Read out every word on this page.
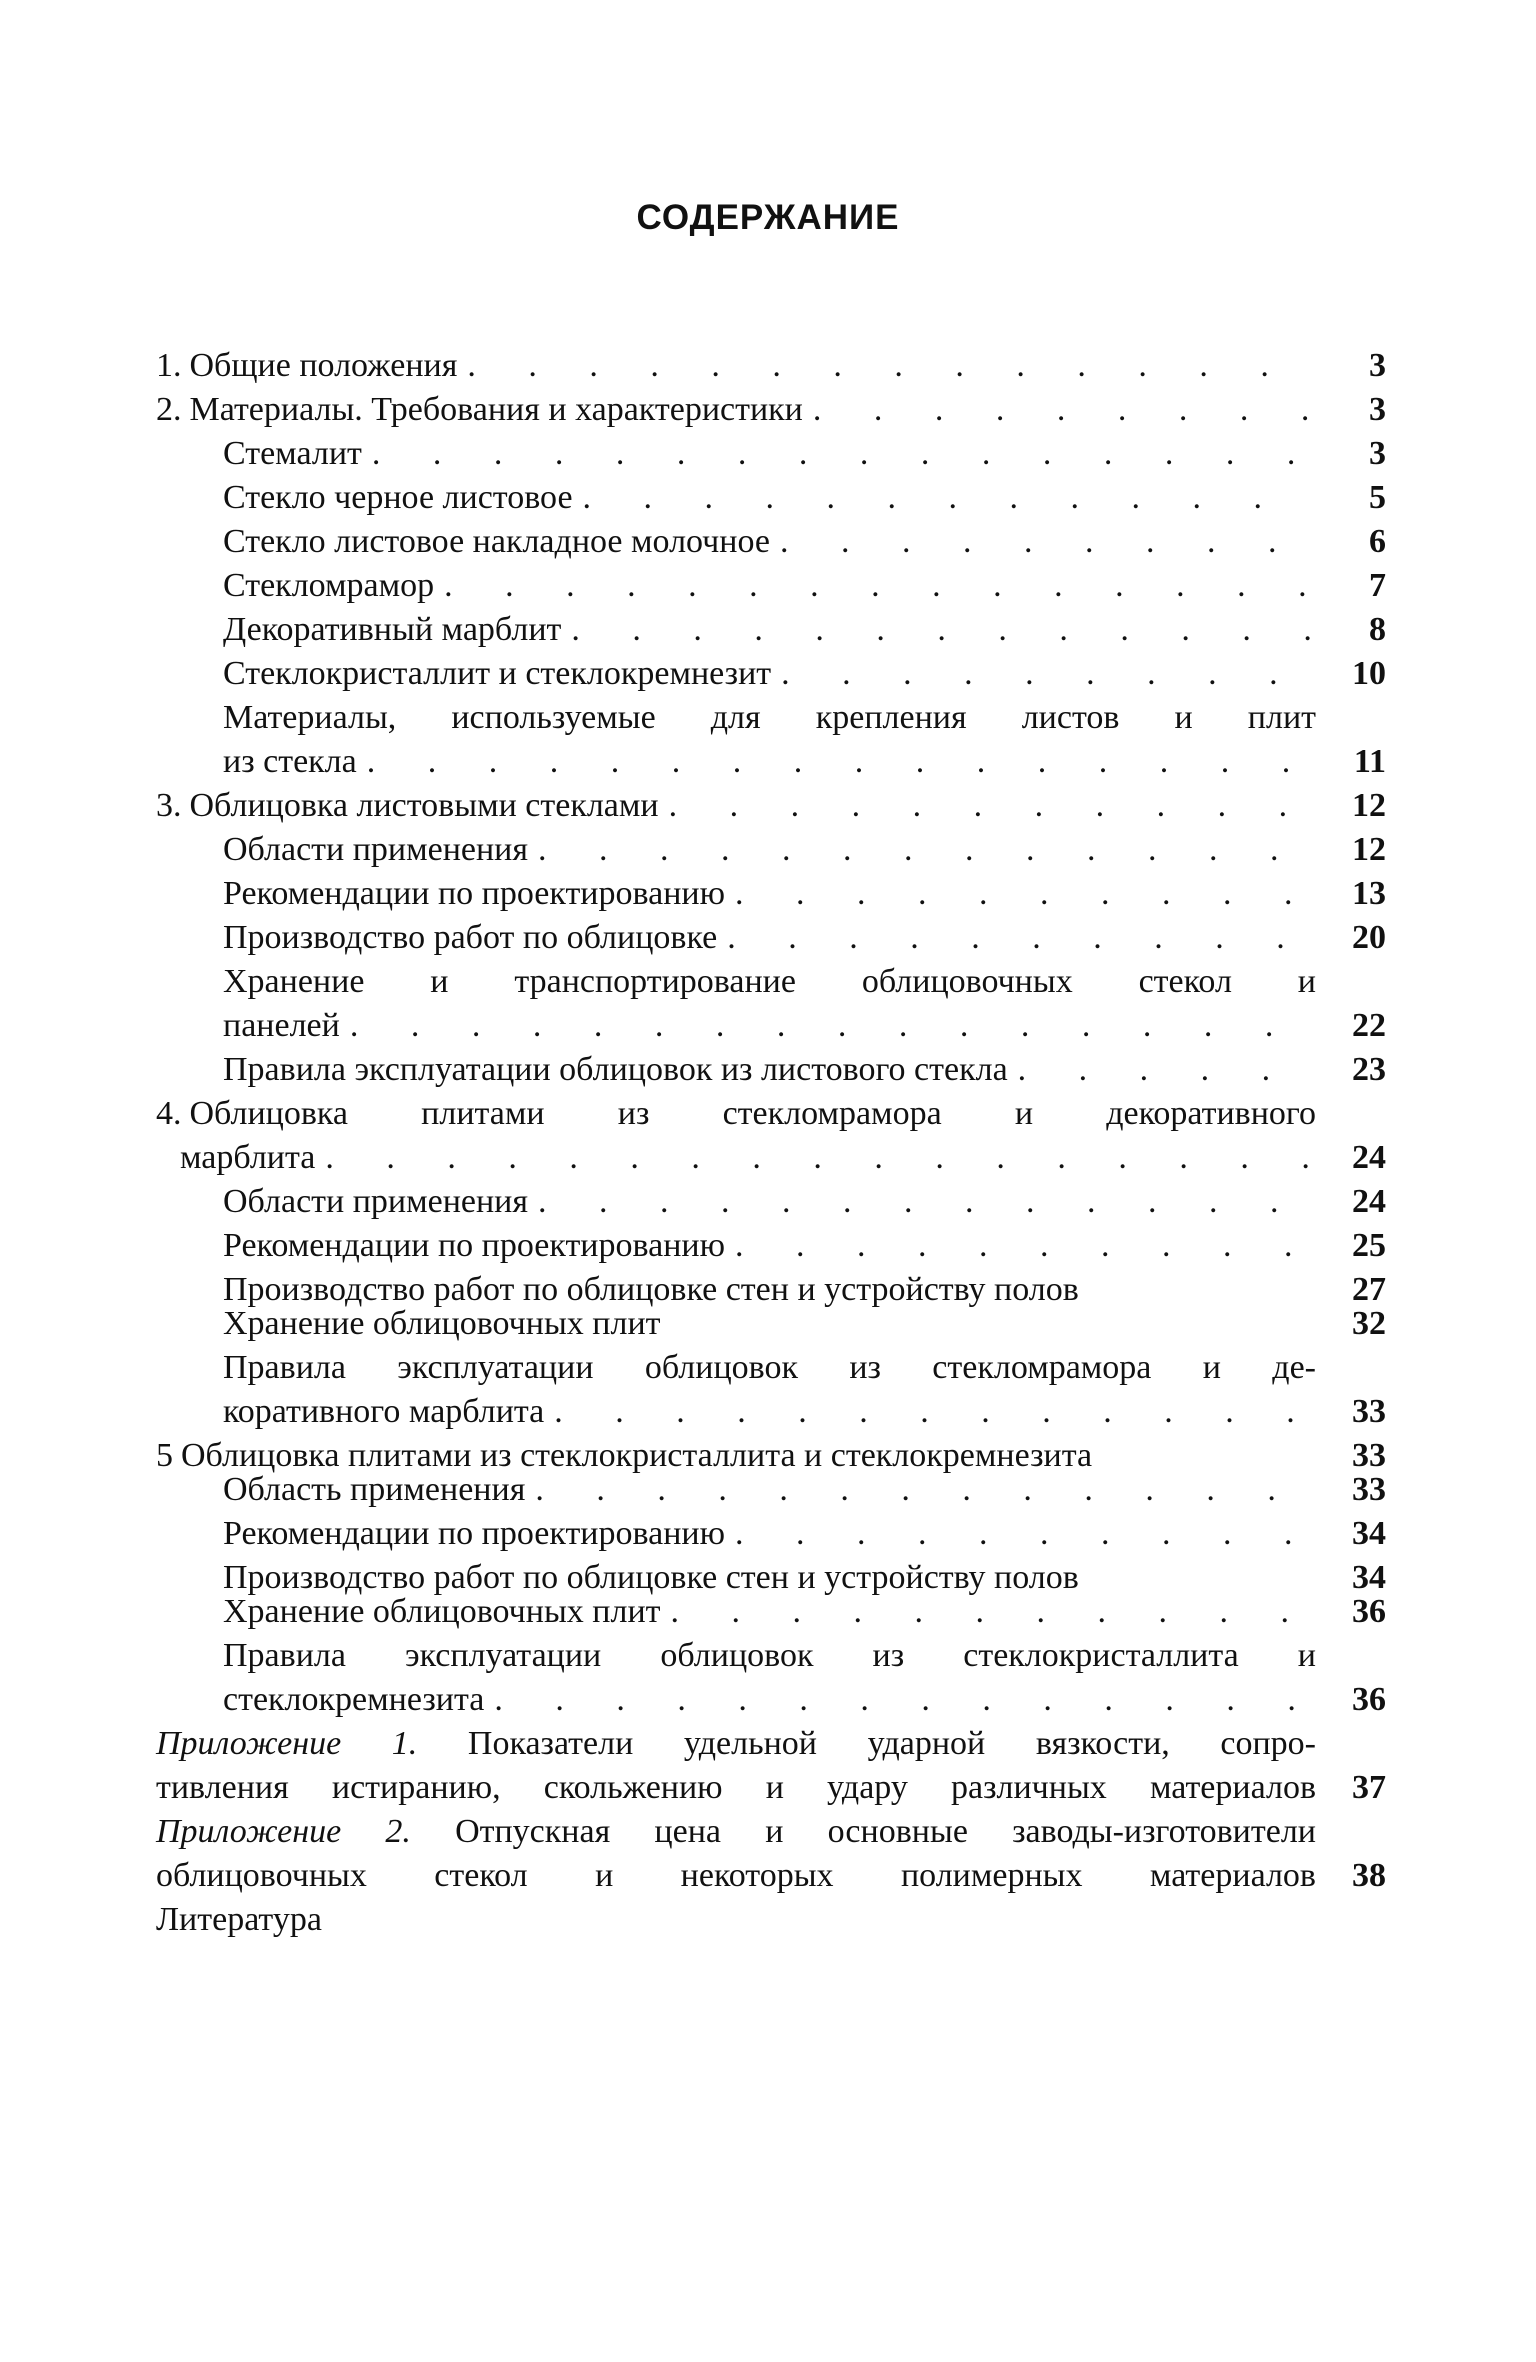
СОДЕРЖАНИЕ
1. Общие положения . . .	3
2. Материалы. Требования и характеристики . . .	3
Стемалит . . .	3
Стекло черное листовое . . .	5
Стекло листовое накладное молочное . . .	6
Стекломрамор . . .	7
Декоративный марблит . . .	8
Стеклокристаллит и стеклокремнезит . . .	10
Материалы, используемые для крепления листов и плит
из стекла . . .	11
3. Облицовка листовыми стеклами . . .	12
Области применения . . .	12
Рекомендации по проектированию . . .	13
Производство работ по облицовке . . .	20
Хранение и транспортирование облицовочных стекол и
панелей . . .	22
Правила эксплуатации облицовок из листового стекла . . .	23
4. Облицовка плитами из стекломрамора и декоративного
марблита . . .	24
Области применения . . .	24
Рекомендации по проектированию . . .	25
Производство работ по облицовке стен и устройству полов	27
Хранение облицовочных плит	32
Правила эксплуатации облицовок из стекломрамора и де-
коративного марблита . . .	33
5 Облицовка плитами из стеклокристаллита и стеклокремнезита	33
Область применения . . .	33
Рекомендации по проектированию . . .	34
Производство работ по облицовке стен и устройству полов	34
Хранение облицовочных плит . . .	36
Правила эксплуатации облицовок из стеклокристаллита и
стеклокремнезита . . .	36
Приложение 1. Показатели удельной ударной вязкости, сопро-
тивления истиранию, скольжению и удару различных материалов	37
Приложение 2. Отпускная цена и основные заводы-изготовители
облицовочных стекол и некоторых полимерных материалов	38
Литература
